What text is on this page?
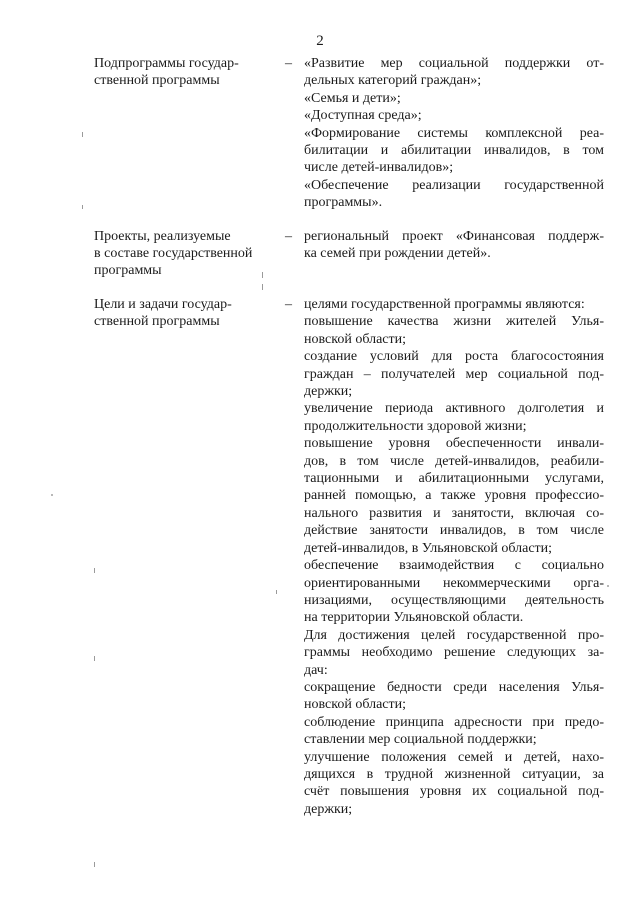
2
Подпрограммы государ-
ственной программы
– «Развитие мер социальной поддержки от-
дельных категорий граждан»;
«Семья и дети»;
«Доступная среда»;
«Формирование системы комплексной реа-
билитации и абилитации инвалидов, в том
числе детей-инвалидов»;
«Обеспечение реализации государственной
программы».
Проекты, реализуемые
в составе государственной
программы
– региональный проект «Финансовая поддерж-
ка семей при рождении детей».
Цели и задачи государ-
ственной программы
– целями государственной программы являются:
повышение качества жизни жителей Улья-
новской области;
создание условий для роста благосостояния
граждан – получателей мер социальной под-
держки;
увеличение периода активного долголетия и
продолжительности здоровой жизни;
повышение уровня обеспеченности инвали-
дов, в том числе детей-инвалидов, реабили-
тационными и абилитационными услугами,
ранней помощью, а также уровня профессио-
нального развития и занятости, включая со-
действие занятости инвалидов, в том числе
детей-инвалидов, в Ульяновской области;
обеспечение взаимодействия с социально
ориентированными некоммерческими орга-
низациями, осуществляющими деятельность
на территории Ульяновской области.
Для достижения целей государственной про-
граммы необходимо решение следующих за-
дач:
сокращение бедности среди населения Улья-
новской области;
соблюдение принципа адресности при предо-
ставлении мер социальной поддержки;
улучшение положения семей и детей, нахо-
дящихся в трудной жизненной ситуации, за
счёт повышения уровня их социальной под-
держки;
